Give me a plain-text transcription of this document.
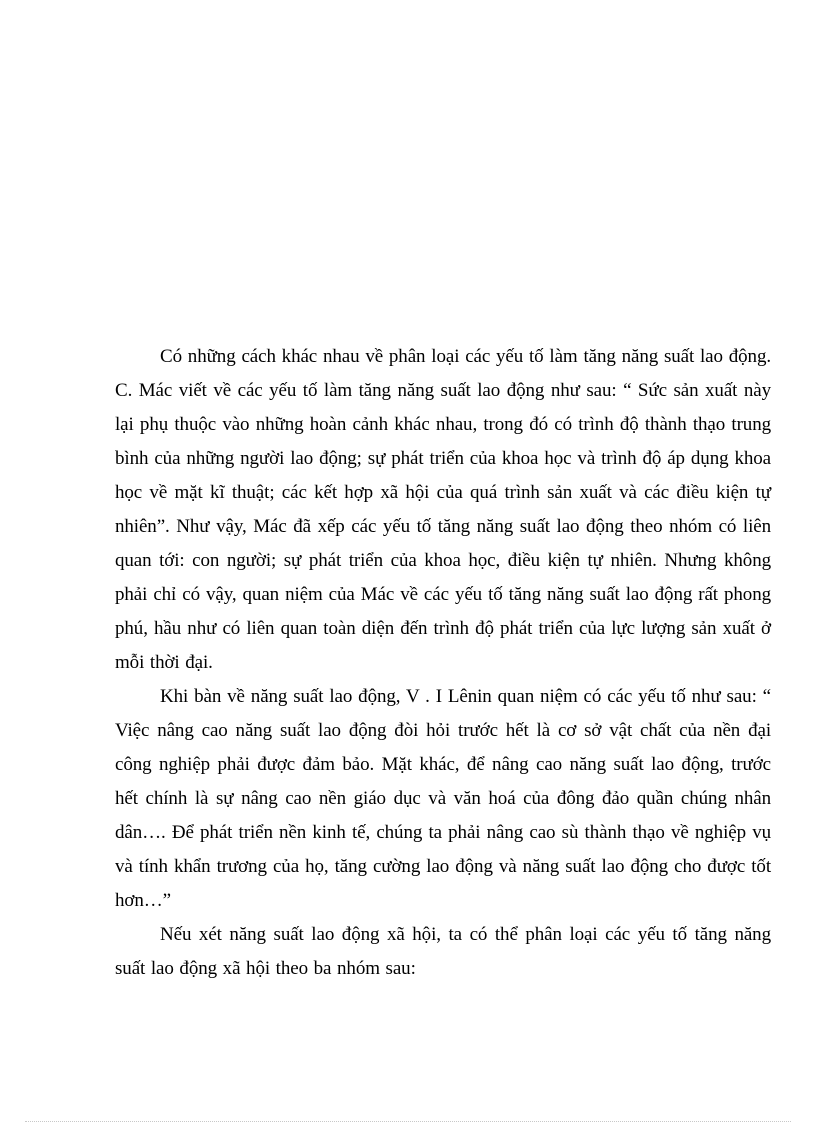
Có những cách khác nhau về phân loại các yếu tố làm tăng năng suất lao động. C. Mác viết về các yếu tố làm tăng năng suất lao động như sau: “ Sức sản xuất này lại phụ thuộc vào những hoàn cảnh khác nhau, trong đó có trình độ thành thạo trung bình của những người lao động; sự phát triển của khoa học và trình độ áp dụng khoa học về mặt kĩ thuật; các kết hợp xã hội của quá trình sản xuất và các điều kiện tự nhiên”. Như vậy, Mác đã xếp các yếu tố tăng năng suất lao động theo nhóm có liên quan tới: con người; sự phát triển của khoa học, điều kiện tự nhiên. Nhưng không phải chỉ có vậy, quan niệm của Mác về các yếu tố tăng năng suất lao động rất phong phú, hầu như có liên quan toàn diện đến trình độ phát triển của lực lượng sản xuất ở mỗi thời đại.

Khi bàn về năng suất lao động, V . I Lênin quan niệm có các yếu tố như sau: “ Việc nâng cao năng suất lao động đòi hỏi trước hết là cơ sở vật chất của nền đại công nghiệp phải được đảm bảo. Mặt khác, để nâng cao năng suất lao động, trước hết chính là sự nâng cao nền giáo dục và văn hoá của đông đảo quần chúng nhân dân…. Để phát triển nền kinh tế, chúng ta phải nâng cao sù thành thạo về nghiệp vụ và tính khẩn trương của họ, tăng cường lao động và năng suất lao động cho được tốt hơn…”

Nếu xét năng suất lao động xã hội, ta có thể phân loại các yếu tố tăng năng suất lao động xã hội theo ba nhóm sau:
